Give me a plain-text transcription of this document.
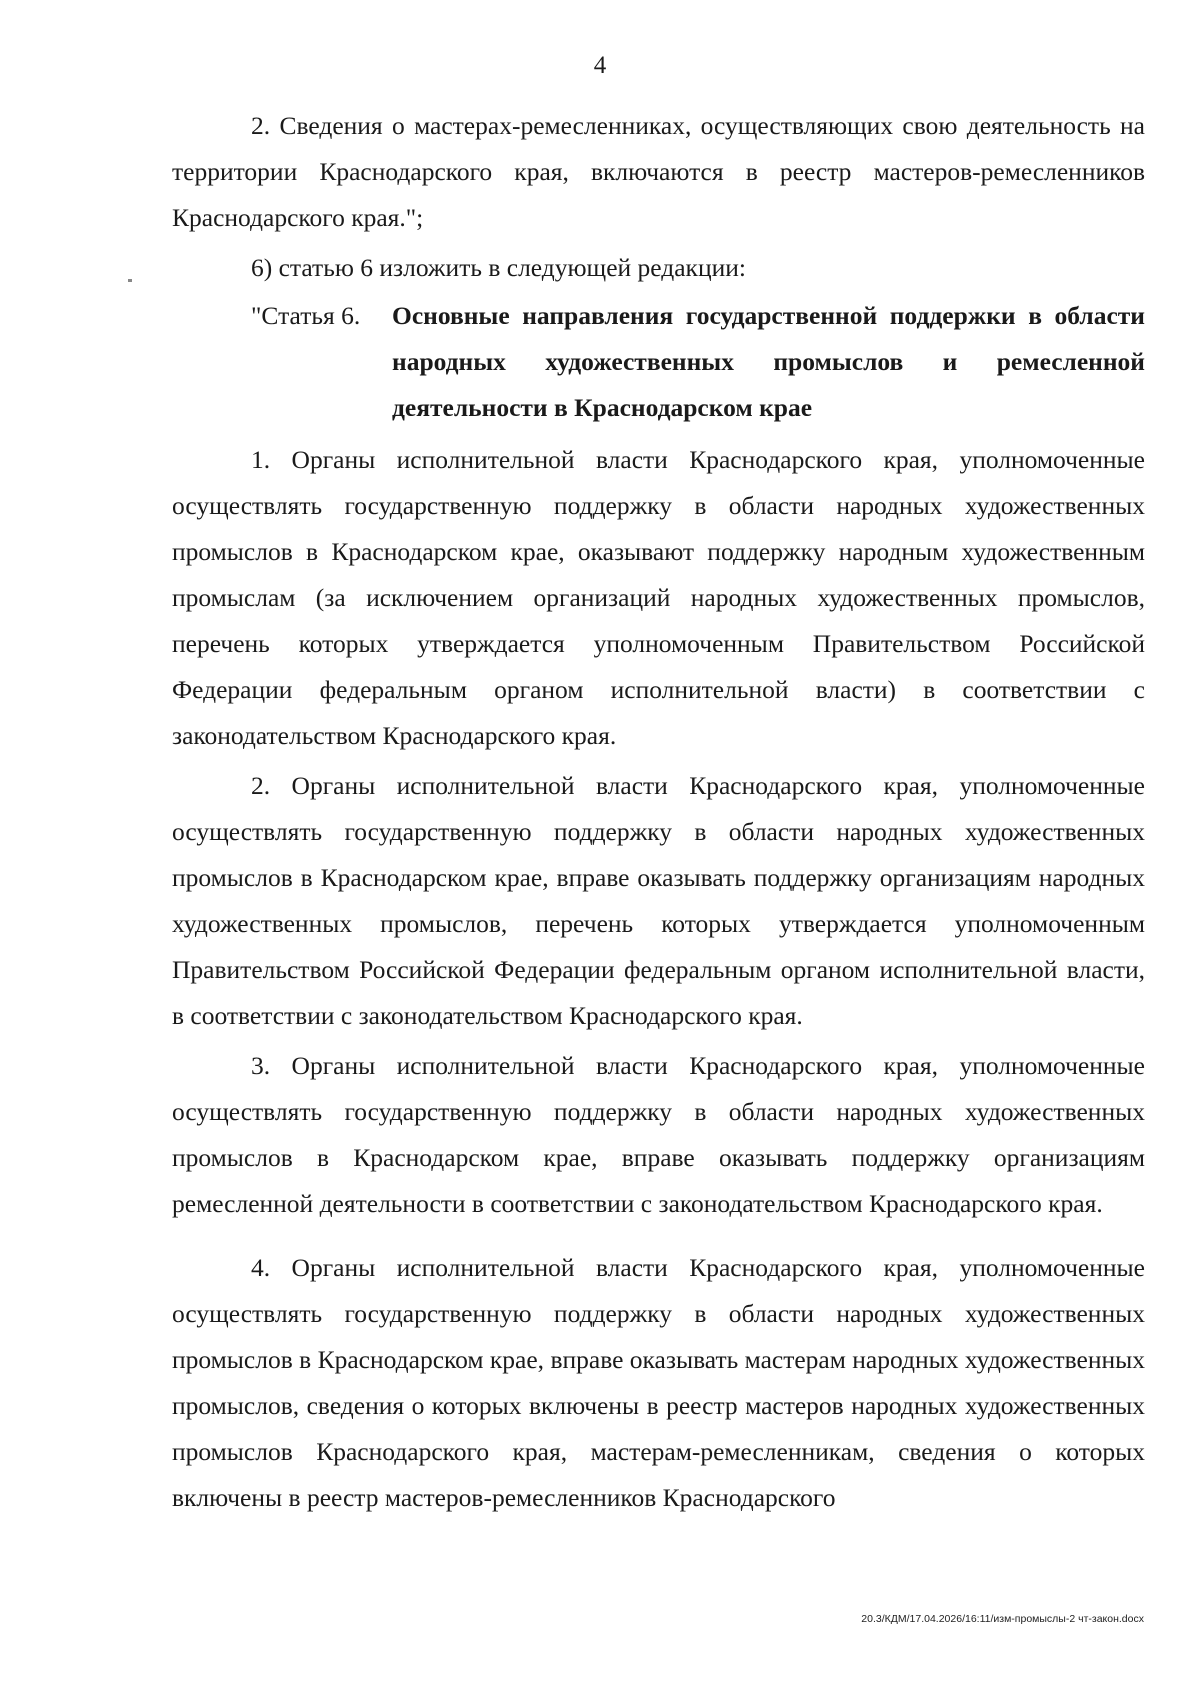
4

2. Сведения о мастерах-ремесленниках, осуществляющих свою деятельность на территории Краснодарского края, включаются в реестр мастеров-ремесленников Краснодарского края.";

6) статью 6 изложить в следующей редакции:

"Статья 6.	Основные направления государственной поддержки в области народных художественных промыслов и ремесленной деятельности в Краснодарском крае

1. Органы исполнительной власти Краснодарского края, уполномоченные осуществлять государственную поддержку в области народных художественных промыслов в Краснодарском крае, оказывают поддержку народным художественным промыслам (за исключением организаций народных художественных промыслов, перечень которых утверждается уполномоченным Правительством Российской Федерации федеральным органом исполнительной власти) в соответствии с законодательством Краснодарского края.

2. Органы исполнительной власти Краснодарского края, уполномоченные осуществлять государственную поддержку в области народных художественных промыслов в Краснодарском крае, вправе оказывать поддержку организациям народных художественных промыслов, перечень которых утверждается уполномоченным Правительством Российской Федерации федеральным органом исполнительной власти, в соответствии с законодательством Краснодарского края.

3. Органы исполнительной власти Краснодарского края, уполномоченные осуществлять государственную поддержку в области народных художественных промыслов в Краснодарском крае, вправе оказывать поддержку организациям ремесленной деятельности в соответствии с законодательством Краснодарского края.

4. Органы исполнительной власти Краснодарского края, уполномоченные осуществлять государственную поддержку в области народных художественных промыслов в Краснодарском крае, вправе оказывать мастерам народных художественных промыслов, сведения о которых включены в реестр мастеров народных художественных промыслов Краснодарского края, мастерам-ремесленникам, сведения о которых включены в реестр мастеров-ремесленников Краснодарского

20.3/КДМ/17.04.2026/16:11/изм-промыслы-2 чт-закон.docx
